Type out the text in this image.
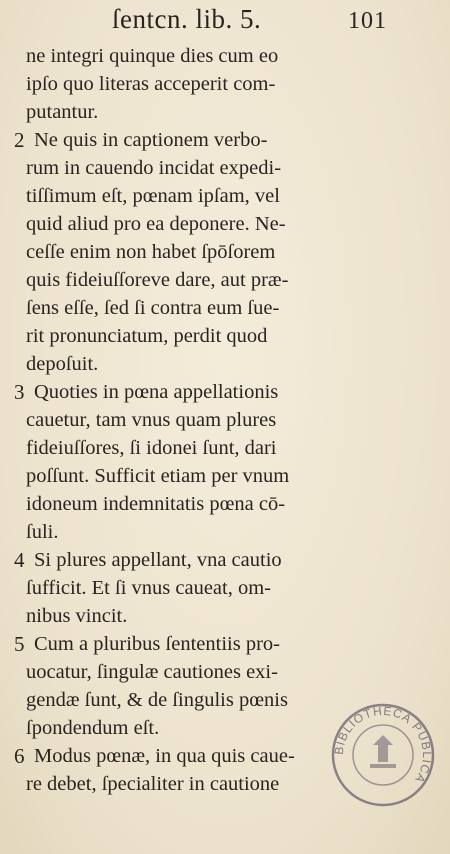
ſentcn. lib. 5.	101
ne integri quinque dies cum eo
ipſo quo literas acceperit com-
putantur.
2 Ne quis in captionem verbo-
rum in cauendo incidat expedi-
tiſſimum eſt, pœnam ipſam, vel
quid aliud pro ea deponere. Ne-
ceſſe enim non habet ſpōſorem
quis fideiuſſoreve dare, aut præ-
ſens eſſe, ſed ſi contra eum ſue-
rit pronunciatum, perdit quod
depoſuit.
3 Quoties in pœna appellationis
cauetur, tam vnus quam plures
fideiuſſores, ſi idonei ſunt, dari
poſſunt. Sufficit etiam per vnum
idoneum indemnitatis pœna cō-
ſuli.
4 Si plures appellant, vna cautio
ſufficit. Et ſi vnus caueat, om-
nibus vincit.
5 Cum a pluribus ſententiis pro-
uocatur, ſingulæ cautiones exi-
gendæ ſunt, & de ſingulis pœnis
ſpondendum eſt.
6 Modus pœnæ, in qua quis caue-
re debet, ſpecialiter in cautione
BIBLIOTHECA PUBLICA
